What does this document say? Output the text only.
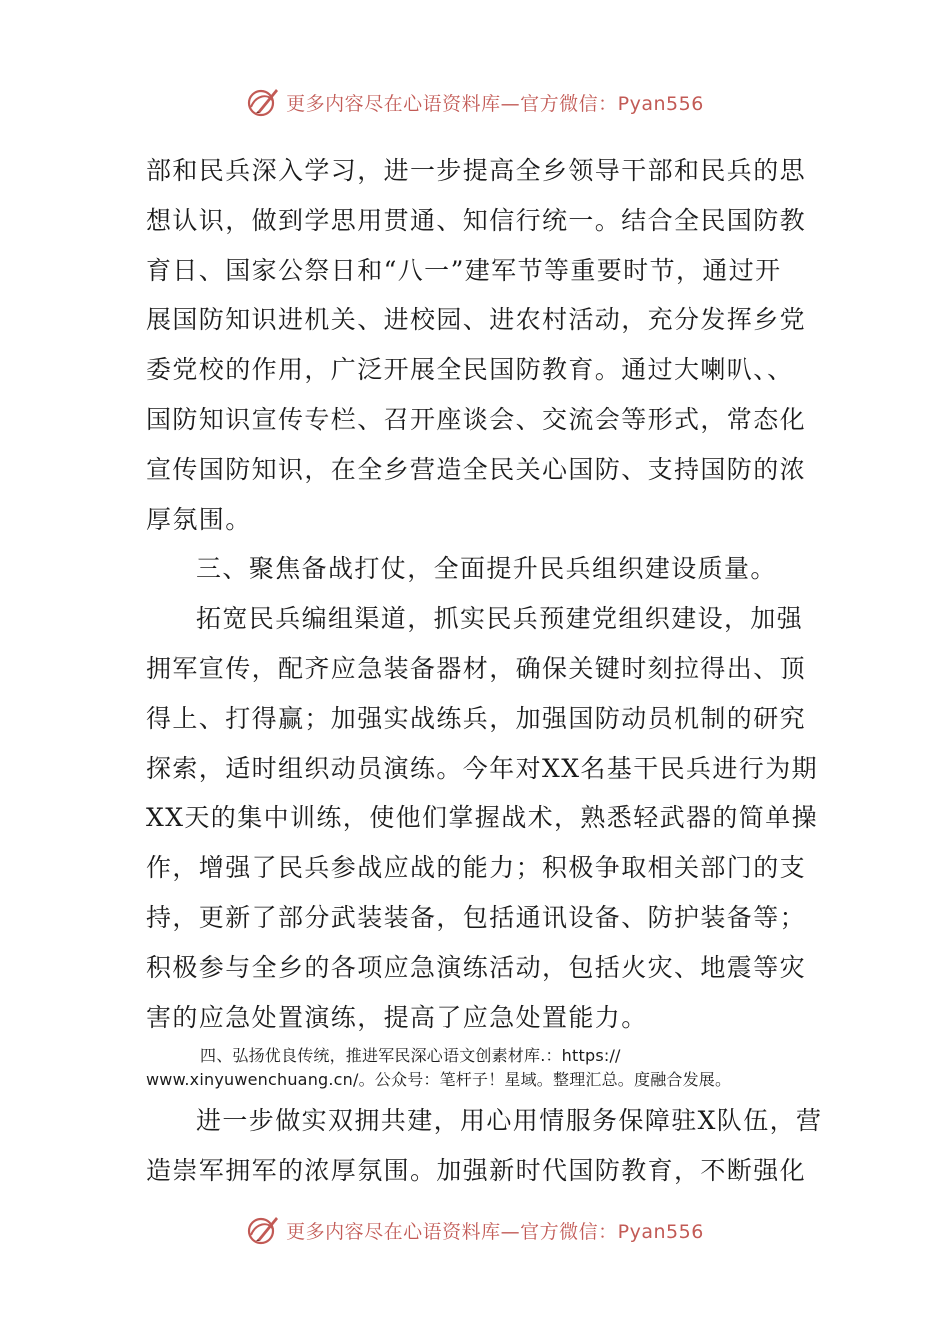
更多内容尽在心语资料库—官方微信：Pyan556

部和民兵深入学习，进一步提高全乡领导干部和民兵的思
想认识，做到学思用贯通、知信行统一。结合全民国防教
育日、国家公祭日和“八一”建军节等重要时节，通过开
展国防知识进机关、进校园、进农村活动，充分发挥乡党
委党校的作用，广泛开展全民国防教育。通过大喇叭、、
国防知识宣传专栏、召开座谈会、交流会等形式，常态化
宣传国防知识，在全乡营造全民关心国防、支持国防的浓
厚氛围。

三、聚焦备战打仗，全面提升民兵组织建设质量。

拓宽民兵编组渠道，抓实民兵预建党组织建设，加强
拥军宣传，配齐应急装备器材，确保关键时刻拉得出、顶
得上、打得赢；加强实战练兵，加强国防动员机制的研究
探索，适时组织动员演练。今年对XX名基干民兵进行为期
XX天的集中训练，使他们掌握战术，熟悉轻武器的简单操
作，增强了民兵参战应战的能力；积极争取相关部门的支
持，更新了部分武装装备，包括通讯设备、防护装备等；
积极参与全乡的各项应急演练活动，包括火灾、地震等灾
害的应急处置演练，提高了应急处置能力。

四、弘扬优良传统，推进军民深心语文创素材库.：https://
www.xinyuwenchuang.cn/。公众号：笔杆子！星域。整理汇总。度融合发展。

进一步做实双拥共建，用心用情服务保障驻X队伍，营
造崇军拥军的浓厚氛围。加强新时代国防教育，不断强化

更多内容尽在心语资料库—官方微信：Pyan556
